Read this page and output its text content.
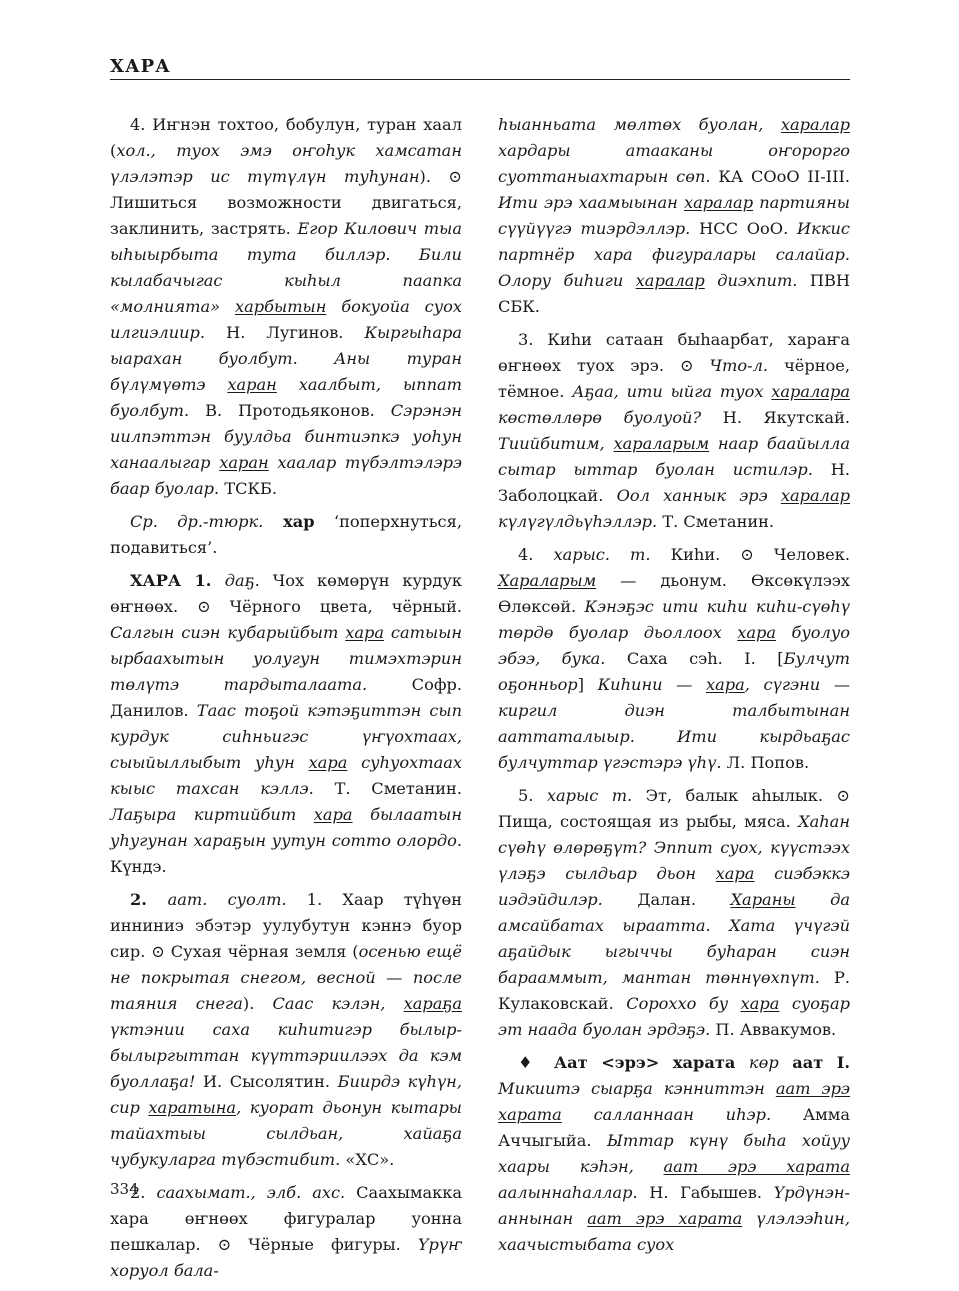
ХАРА

4. Иҥнэн тохтоо, бобулун, туран хаал (хол., туох эмэ оҥоһук хамсатан үлэлэтэр ис түтүлүн туһунан). ⊙ Лишиться возможности двигаться, заклинить, застрять. Егор Килович тыа ыһыырбыта тута биллэр. Били кылабачыгас кыһыл паапка «молнията» харбытын бокуойа суох илгиэлиир. Н. Лугинов. Кыргыһара ыарахан буолбут. Аны туран бүлүмүөтэ харан хаалбыт, ыппат буолбут. В. Протодьяконов. Сэрэнэн иилпэттэн буулдьа бинтиэпкэ уоһун ханаалыгар харан хаалар түбэлтэлэрэ баар буолар. ТСКБ.

Ср. др.-тюрк. хар ‘поперхнуться, подавиться’.

ХАРА 1. даҕ. Чох көмөрүн курдук өҥнөөх. ⊙ Чёрного цвета, чёрный. Салгын сиэн кубарыйбыт хара сатыын ырбаахытын уолугун тимэхтэрин төлүтэ тардыталаата. Софр. Данилов. Таас тоҕой кэтэҕиттэн сып курдук сиһньигэс үҥүохтаах, сыыйыллыбыт уһун хара суһуохтаах кыыс тахсан кэллэ. Т. Сметанин. Лаҕыра киртийбит хара былаатын уһугунан хараҕын уутун сотто олордо. Күндэ.

2. аат. суолт. 1. Хаар түһүөн инниниэ эбэтэр уулубутун кэннэ буор сир. ⊙ Сухая чёрная земля (осенью ещё не покрытая снегом, весной — после таяния снега). Саас кэлэн, хараҕа үктэнии саха киһитигэр былыр-былыргыттан күүттэриилээх да кэм буоллаҕа! И. Сысолятин. Биирдэ күһүн, сир харатына, куорат дьонун кытары тайахтыы сылдьан, хайаҕа чубукуларга түбэстибит. «ХС».

2. саахымат., элб. ахс. Саахымакка хара өҥнөөх фигуралар уонна пешкалар. ⊙ Чёрные фигуры. Үрүҥ хоруол бала-

һыанньата мөлтөх буолан, харалар хардары атааканы оҥорорго суоттаныахтарын сөп. КА СОоО II-III. Ити эрэ хаамыынан харалар партияны сүүйүүгэ тиэрдэллэр. НСС ОоО. Иккис партнёр хара фигуралары салайар. Олору биһиги харалар диэхпит. ПВН СБК.

3. Киһи сатаан быһаарбат, хараҥа өҥнөөх туох эрэ. ⊙ Что-л. чёрное, тёмное. Аҕаа, ити ыйга туох харалара көстөллөрө буолуой? Н. Якутскай. Тиийбитим, хараларым наар баайылла сытар ыттар буолан истилэр. Н. Заболоцкай. Оол ханнык эрэ харалар күлүгүлдьүһэллэр. Т. Сметанин.

4. харыс. т. Киһи. ⊙ Человек. Хараларым — дьонум. Өксөкүлээх Өлөксөй. Кэнэҕэс ити киһи киһи-сүөһү төрдө буолар дьоллоох хара буолуо эбээ, бука. Саха сэһ. I. [Булчут оҕонньор] Киһини — хара, сүгэни — киргил диэн талбытынан ааттаталыыр. Ити кырдьаҕас булчуттар үгэстэрэ үһү. Л. Попов.

5. харыс т. Эт, балык аһылык. ⊙ Пища, состоящая из рыбы, мяса. Хаһан сүөһү өлөрөҕүт? Эппит суох, күүстээх үлэҕэ сылдьар дьон хара сиэбэккэ иэдэйдилэр. Далан. Хараны да амсайбатах ыраатта. Хата үчүгэй аҕайдык ыгыччы буһаран сиэн барааммыт, мантан төннүөхпүт. Р. Кулаковскай. Сороххо бу хара суоҕар эт наада буолан эрдэҕэ. П. Аввакумов.

♦ Аат <эрэ> харата көр аат I. Микиитэ сыарҕа кэнниттэн аат эрэ харата салланнаан иһэр. Амма Аччыгыйа. Ыттар күнү быһа хойуу хаары кэһэн, аат эрэ харата аалыннаһаллар. Н. Габышев. Үрдүнэн-аннынан аат эрэ харата үлэлээһин, хаачыстыбата суох

334
